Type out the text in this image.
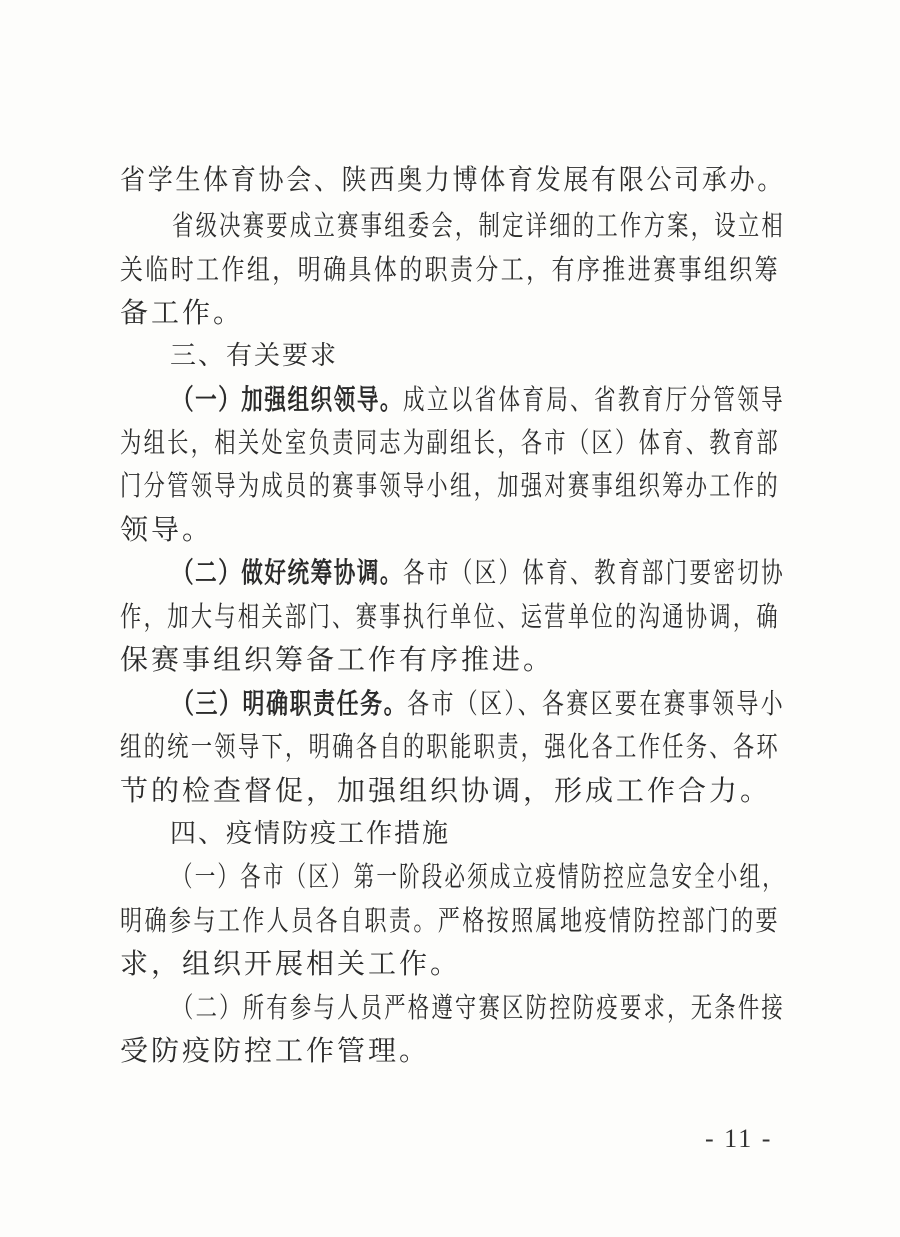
省学生体育协会、陕西奥力博体育发展有限公司承办。
省级决赛要成立赛事组委会，制定详细的工作方案，设立相
关临时工作组，明确具体的职责分工，有序推进赛事组织筹
备工作。
三、有关要求
（一）加强组织领导。成立以省体育局、省教育厅分管领导
为组长，相关处室负责同志为副组长，各市（区）体育、教育部
门分管领导为成员的赛事领导小组，加强对赛事组织筹办工作的
领导。
（二）做好统筹协调。各市（区）体育、教育部门要密切协
作，加大与相关部门、赛事执行单位、运营单位的沟通协调，确
保赛事组织筹备工作有序推进。
（三）明确职责任务。各市（区）、各赛区要在赛事领导小
组的统一领导下，明确各自的职能职责，强化各工作任务、各环
节的检查督促，加强组织协调，形成工作合力。
四、疫情防疫工作措施
（一）各市（区）第一阶段必须成立疫情防控应急安全小组，
明确参与工作人员各自职责。严格按照属地疫情防控部门的要
求，组织开展相关工作。
（二）所有参与人员严格遵守赛区防控防疫要求，无条件接
受防疫防控工作管理。
- 11 -
